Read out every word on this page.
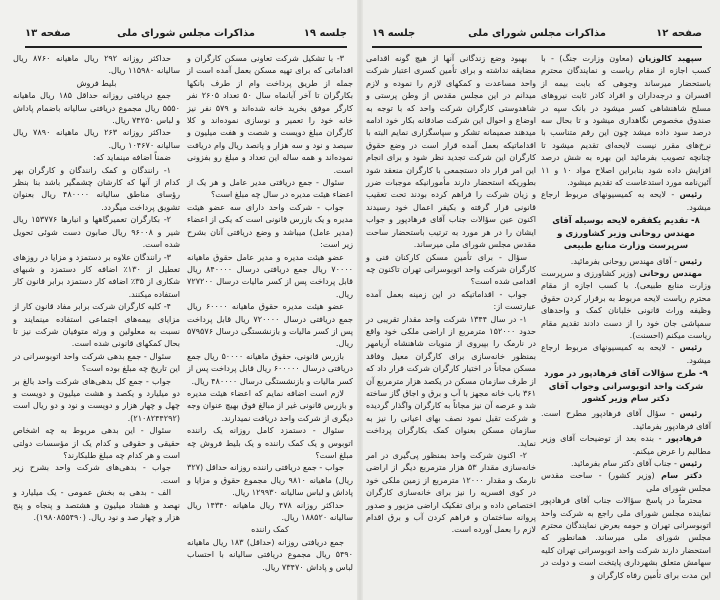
جلسه ۱۹
مذاکرات مجلس شورای ملی
صفحه ۱۳

۳- با تشکیل شرکت تعاونی مسکن کارگران و اقداماتی که برای تهیه مسکن بعمل آمده است از جمله از طریق پرداخت وام از طرف بانکها بکارگران تا آخر آبانماه سال ۵۰ تعداد ۲۶۰۵ نفر کارگر موفق بخرید خانه شده‌اند و ۵۷۹ نفر نیز خانه خود را تعمیر و نوسازی نموده‌اند و کلا کارگران مبلغ دویست و شصت و هفت میلیون و سیصد و نود و سه هزار و پانصد ریال وام دریافت نموده‌اند و همه ساله این تعداد و مبلغ رو بفزونی است.

سئوال - جمع دریافتی مدیر عامل و هر یک از اعضاء هیئت مدیره در سال چه مبلغ است؟

جواب - شرکت واحد دارای سه عضو هیئت مدیره و یک بازرس قانونی است که یکی از اعضاء (مدیر عامل) میباشد و وضع دریافتی آنان بشرح زیر است:

عضو هیئت مدیره و مدیر عامل حقوق ماهیانه ۷۰۰۰۰ ریال جمع دریافتی درسال ۸۴۰۰۰۰ ریال قابل پرداخت پس از کسر مالیات درسال ۷۲۷۲۰۰ ریال.

عضو هیئت مدیره حقوق ماهیانه ۶۰۰۰۰ ریال جمع دریافتی درسال ۷۲۰۰۰۰ ریال قابل پرداخت پس از کسر مالیات و بازنشستگی درسال ۵۷۹۵۷۶ ریال.

بازرس قانونی، حقوق ماهیانه ۵۰۰۰۰ ریال جمع دریافتی درسال ۶۰۰۰۰۰ ریال قابل پرداخت پس از کسر مالیات و بازنشستگی درسال ۴۸۰۰۰۰ ریال.

لازم است اضافه نمایم که اعضاء هیئت مدیره و بازرس قانونی غیر از مبالغ فوق بهیچ عنوان وجه دیگری از شرکت واحد دریافت نمیدارند.

سئوال - دستمزد کامل روزانه یک راننده اتوبوس و یک کمک راننده و یک بلیط فروش چه مبلغ است؟

جواب - جمع دریافتی راننده روزانه حداقل (۳۲۷ ریال) ماهیانه ۹۸۱۰ ریال مجموع حقوق و مزایا و پاداش و لباس سالیانه ۱۲۹۹۳۰ ریال.

حداکثر روزانه ۴۷۸ ریال ماهیانه ۱۴۳۴۰ ریال سالیانه ۱۸۸۵۲۰ ریال.

کمک راننده

جمع دریافتی روزانه (حداقل) ۱۸۳ ریال ماهیانه ۵۴۹۰ ریال مجموع دریافتی سالیانه با احتساب لباس و پاداش ۷۳۴۷۰ ریال.

حداکثر روزانه ۲۹۲ ریال ماهیانه ۸۷۶۰ ریال سالیانه ۱۱۵۹۸۰ ریال.

بلیط فروش

جمع دریافتی روزانه حداقل ۱۸۵ ریال ماهیانه ۵۵۵۰ ریال مجموع دریافتی سالیانه باضمام پاداش و لباس ۷۴۲۵۰ ریال.

حداکثر روزانه ۲۶۳ ریال ماهیانه ۷۸۹۰ ریال سالیانه ۱۰۴۶۷۰ ریال.

ضمناً اضافه مینماید که:

۱- رانندگان و کمک رانندگان و کارگران بهر کدام از آنها که کارشان چشمگیر باشد بنا بنظر رؤسای مناطق سالیانه ۴۸۰۰۰۰ ریال بعنوان تشویق پرداخت میگردد.

۲- بکارگران تعمیرگاهها و انبارها ۱۵۳۷۷۶ ریال شیر و ۹۶۰۰۸ ریال صابون دست شوئی تحویل شده است.

۳- رانندگان علاوه بر دستمزد و مزایا در روزهای تعطیل از ۱۳۰٪ اضافه کار دستمزد و شبهای شکاری از ۳۵٪ اضافه کار دستمزد برابر قانون کار استفاده میکنند.

۴- کلیه کارگران شرکت برابر مفاد قانون کار از مزایای بیمه‌های اجتماعی استفاده مینمایند و نسبت به معلولین و ورثه متوفیان شرکت نیز تا بحال کمکهای قانونی شده است.

سئوال - جمع بدهی شرکت واحد اتوبوسرانی در این تاریخ چه مبلغ بوده است؟

جواب - جمع کل بدهی‌های شرکت واحد بالغ بر دو میلیارد و یکصد و هشت میلیون و دویست و چهل و چهار هزار و دویست و نود و دو ریال است (۲۱۰۸۲۴۴۲۹۲).

سئوال - این بدهی مربوط به چه اشخاص حقیقی و حقوقی و کدام یک از مؤسسات دولتی است و هر کدام چه مبلغ طلبکارند؟

جواب - بدهی‌های شرکت واحد بشرح زیر است.

الف - بدهی به بخش عمومی - یک میلیارد و نهصد و هشتاد میلیون و هشتصد و پنجاه و پنج هزار و چهار صد و نود ریال. (۱۹۸۰۸۵۵۴۹۰).

صفحه ۱۲
مذاکرات مجلس شورای ملی
جلسه ۱۹

سپهبد کالوزیان (معاون وزارت جنگ) - با کسب اجازه از مقام ریاست و نمایندگان محترم باستحضار میرساند وجوهی که بابت بیمه از افسران و درجه‌داران و افراد کادر ثابت نیروهای مسلح شاهنشاهی کسر میشود در بانک سپه در صندوق مخصوص نگاهداری میشود و تا بحال سه درصد سود داده میشد چون این رقم متناسب با نرخ‌های مقرر نیست لایحه‌ای تقدیم میشود تا چنانچه تصویب بفرمائید این بهره به شش درصد افزایش داده شود بنابراین اصلاح مواد ۱۰ و ۱۱ آئین‌نامه مورد استدعاست که تقدیم میشود.

رئیس - لایحه به کمیسیونهای مربوط ارجاع میشود.

۸- تقدیم یکفقره لایحه بوسیله آقای مهندس روحانی وزیر کشاورزی و سرپرست وزارت منابع طبیعی

رئیس - آقای مهندس روحانی بفرمائید.

مهندس روحانی (وزیر کشاورزی و سرپرست وزارت منابع طبیعی). با کسب اجازه از مقام محترم ریاست لایحه مربوط به برقرار کردن حقوق وظیفه وراث قانونی خلبانان کمک و واحدهای سمپاشی جان خود را از دست دادند تقدیم مقام ریاست میکنم (احسنت).

رئیس - لایحه به کمیسیونهای مربوط ارجاع میشود.

۹- طرح سؤالات آقای فرهادپور در مورد شرکت واحد اتوبوسرانی وجواب آقای دکتر سام وزیر کشور

رئیس - سؤال آقای فرهادپور مطرح است. آقای فرهادپور بفرمائید.

فرهادپور - بنده بعد از توضیحات آقای وزیر مطالبم را عرض میکنم.

رئیس - جناب آقای دکتر سام بفرمائید.

دکتر سام (وزیر کشور) - ساحت مقدس مجلس شورای ملی

محترماً در پاسخ سؤالات جناب آقای فرهادپور نماینده مجلس شورای ملی راجع به شرکت واحد اتوبوسرانی تهران و حومه بعرض نمایندگان محترم مجلس شورای ملی میرساند. همانطور که استحضار دارند شرکت واحد اتوبوسرانی تهران کلیه سهامش متعلق بشهرداری پایتخت است و دولت در این مدت برای تأمین رفاه کارگران و

بهبود وضع زندگانی آنها از هیچ گونه اقدامی مضایقه نداشته و برای تأمین کسری اعتبار شرکت واحد مساعدت و کمکهای لازم را نموده و لازم میدانم در این مجلس مقدس از وطن پرستی و شاهدوستی کارگران شرکت واحد که با توجه به اوضاع و احوال این شرکت صادقانه بکار خود ادامه میدهند صمیمانه تشکر و سپاسگزاری نمایم البته با اقداماتیکه بعمل آمده قرار است در وضع حقوق کارگران این شرکت تجدید نظر شود و برای انجام این امر قرار داد دستجمعی با کارگران منعقد شود بطوریکه استحضار دارند مأمورانیکه موجبات ضرر و زیان شرکت را فراهم کرده بودند تحت تعقیب قانونی قرار گرفته و بکیفر اعمال خود رسیدند اکنون عین سؤالات جناب آقای فرهادپور و جواب ایشان را در هر مورد به ترتیب باستحضار ساحت مقدس مجلس شورای ملی میرساند.

سؤال - برای تأمین مسکن کارکنان فنی و کارگران شرکت واحد اتوبوسرانی تهران تاکنون چه اقدامی شده است؟

جواب - اقداماتیکه در این زمینه بعمل آمده عبارتست از:

۱- در سال ۱۳۴۴ شرکت واحد مقدار تقریبی در حدود ۱۵۲۰۰۰ مترمربع از اراضی ملکی خود واقع در نارمک را بپیروی از منویات شاهنشاه آریامهر بمنظور خانه‌سازی برای کارگران معیل وفاقد مسکن مجاناً در اختیار کارگران شرکت قرار داد که از طرف سازمان مسکن در یکصد هزار مترمربع آن ۳۶۱ باب خانه مجهز با آب و برق و اجاق گاز ساخته شد و عرصه آن نیز مجاناً به کارگران واگذار گردیده و شرکت تقبل نمود نصف بهای اعیانی را نیز به سازمان مسکن بعنوان کمک بکارگران پرداخت نماید.

۲- اکنون شرکت واحد بمنظور پی‌گیری در امر خانه‌سازی مقدار ۵۳ هزار مترمربع دیگر از اراضی نارمک و مقدار ۱۲۰۰۰ مترمربع از زمین ملکی خود در کوی افسریه را نیز برای خانه‌سازی کارگران اختصاص داده و برای تفکیک اراضی مزبور و صدور پروانه ساختمان و فراهم کردن آب و برق اقدام لازم را بعمل آورده است.
